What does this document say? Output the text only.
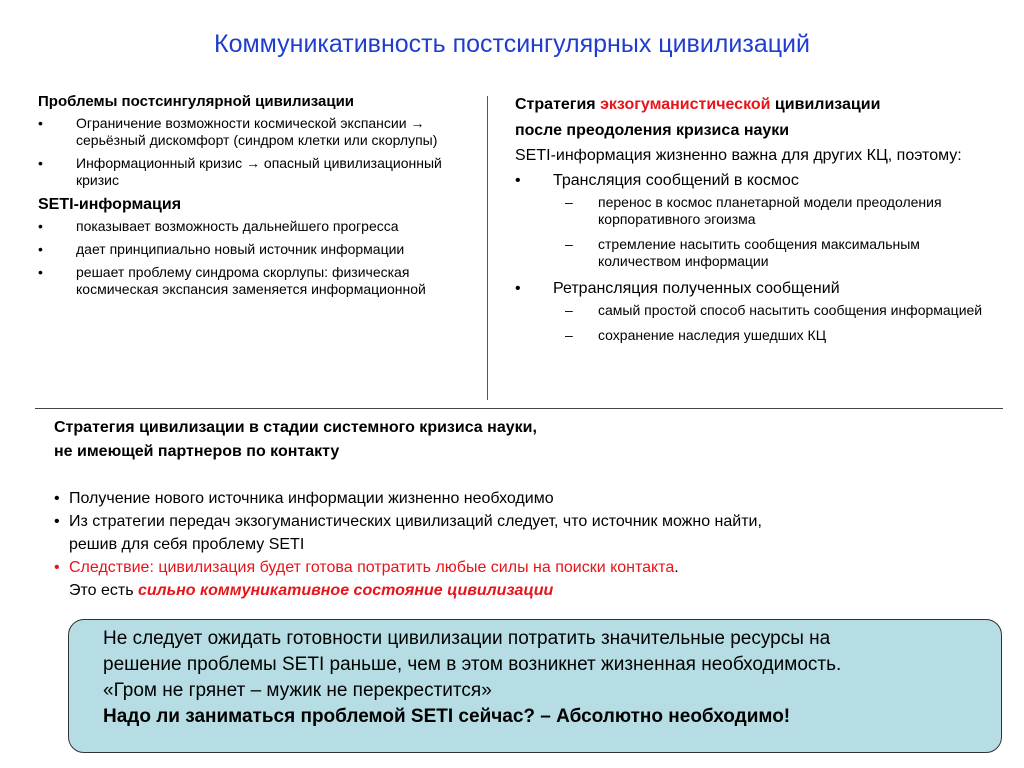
Коммуникативность постсингулярных цивилизаций
Проблемы постсингулярной цивилизации
• Ограничение возможности космической экспансии → серьёзный дискомфорт (синдром клетки или скорлупы)
• Информационный кризис → опасный цивилизационный кризис
SETI-информация
• показывает возможность дальнейшего прогресса
• дает принципиально новый источник информации
• решает проблему синдрома скорлупы: физическая космическая экспансия заменяется информационной
Стратегия экзогуманистической цивилизации
после преодоления кризиса науки
SETI-информация жизненно важна для других КЦ, поэтому:
• Трансляция сообщений в космос
– перенос в космос планетарной модели преодоления корпоративного эгоизма
– стремление насытить сообщения максимальным количеством информации
• Ретрансляция полученных сообщений
– самый простой способ насытить сообщения информацией
– сохранение наследия ушедших КЦ
Стратегия цивилизации в стадии системного кризиса науки,
не имеющей партнеров по контакту
• Получение нового источника информации жизненно необходимо
• Из стратегии передач экзогуманистических цивилизаций следует, что источник можно найти,
решив для себя проблему SETI
• Следствие: цивилизация будет готова потратить любые силы на поиски контакта.
Это есть сильно коммуникативное состояние цивилизации
Не следует ожидать готовности цивилизации потратить значительные ресурсы на
решение проблемы SETI раньше, чем в этом возникнет жизненная необходимость.
«Гром не грянет – мужик не перекрестится»
Надо ли заниматься проблемой SETI сейчас? – Абсолютно необходимо!
